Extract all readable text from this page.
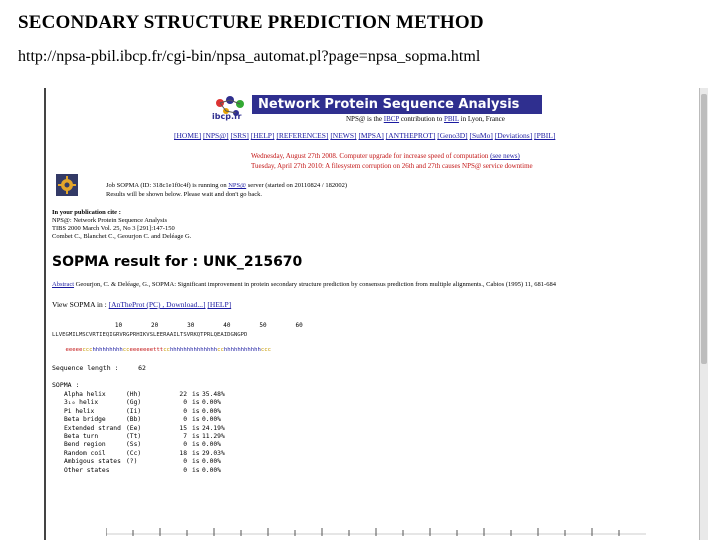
SECONDARY STRUCTURE PREDICTION METHOD
http://npsa-pbil.ibcp.fr/cgi-bin/npsa_automat.pl?page=npsa_sopma.html
Network Protein Sequence Analysis
ibcp.fr	NPS@ is the IBCP contribution to PBIL in Lyon, France
[HOME] [NPS@] [SRS] [HELP] [REFERENCES] [NEWS] [MPSA] [ANTHEPROT] [Geno3D] [SuMo] [Deviations] [PBIL]
Wednesday, August 27th 2008. Computer upgrade for increase speed of computation (see news)
Tuesday, April 27th 2010: A filesystem corruption on 26th and 27th causes NPS@ service downtime
Job SOPMA (ID: 318c1e1f0c4f) is running on NPS@ server (started on 20110824 / 182002)
Results will be shown below. Please wait and don't go back.
In your publication cite :
NPS@: Network Protein Sequence Analysis
TIBS 2000 March Vol. 25, No 3 [291]:147-150
Combet C., Blanchet C., Geourjon C. and Deléage G.
SOPMA result for : UNK_215670
Abstract Geourjon, C. & Deléage, G., SOPMA: Significant improvement in protein secondary structure prediction by consensus prediction from multiple alignments., Cabios (1995) 11, 681-684
View SOPMA in : [AnTheProt (PC) , Download...] [HELP]
10        20        30        40        50        60
LLVEGMILMSCVRTIEQIGRVRGPRHIKVSLEERAAILTSVRKQTPRLQEAIDGNGPD

eeeeeccchhhhhhhhhcceeeeeeetttcchhhhhhhhhhhhhhcchhhhhhhhhhhccc

Sequence length :     62
SOPMA :
Alpha helix	(Hh)	22 is 35.48%
3₁₀ helix	(Gg)	0 is 0.00%
Pi helix	(Ii)	0 is 0.00%
Beta bridge	(Bb)	0 is 0.00%
Extended strand (Ee)	15 is 24.19%
Beta turn	(Tt)	7 is 11.29%
Bend region	(Ss)	0 is 0.00%
Random coil	(Cc)	18 is 29.03%
Ambigous states (?)	0 is 0.00%
Other states	0 is 0.00%
